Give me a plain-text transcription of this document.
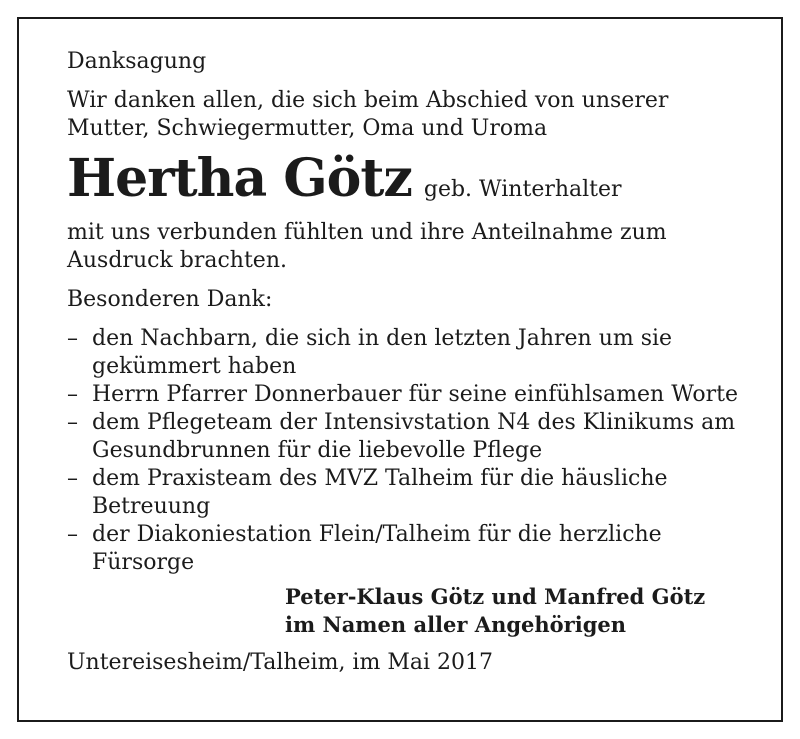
Danksagung

Wir danken allen, die sich beim Abschied von unserer

Mutter, Schwiegermutter, Oma und Uroma

Hertha Götz geb. Winterhalter

mit uns verbunden fühlten und ihre Anteilnahme zum

Ausdruck brachten.

Besonderen Dank:

– den Nachbarn, die sich in den letzten Jahren um sie
gekümmert haben
– Herrn Pfarrer Donnerbauer für seine einfühlsamen Worte
– dem Pflegeteam der Intensivstation N4 des Klinikums am
Gesundbrunnen für die liebevolle Pflege
– dem Praxisteam des MVZ Talheim für die häusliche
Betreuung
– der Diakoniestation Flein/Talheim für die herzliche
Fürsorge
Peter-Klaus Götz und Manfred Götz
im Namen aller Angehörigen

Untereisesheim/Talheim, im Mai 2017
